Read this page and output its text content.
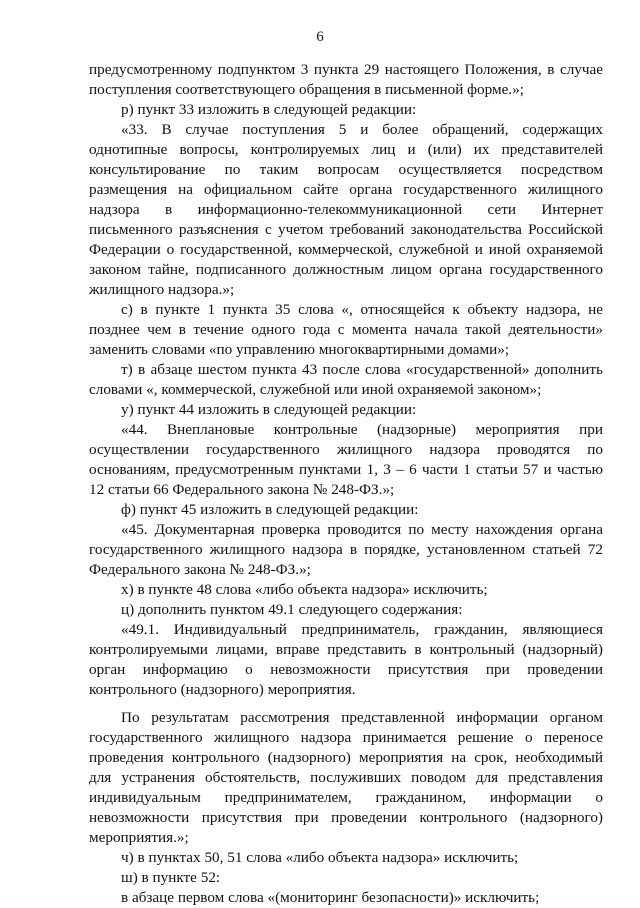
6

предусмотренному подпунктом 3 пункта 29 настоящего Положения, в случае поступления соответствующего обращения в письменной форме.»;

р) пункт 33 изложить в следующей редакции:

«33. В случае поступления 5 и более обращений, содержащих однотипные вопросы, контролируемых лиц и (или) их представителей консультирование по таким вопросам осуществляется посредством размещения на официальном сайте органа государственного жилищного надзора в информационно-телекоммуникационной сети Интернет письменного разъяснения с учетом требований законодательства Российской Федерации о государственной, коммерческой, служебной и иной охраняемой законом тайне, подписанного должностным лицом органа государственного жилищного надзора.»;

с) в пункте 1 пункта 35 слова «, относящейся к объекту надзора, не позднее чем в течение одного года с момента начала такой деятельности» заменить словами «по управлению многоквартирными домами»;

т) в абзаце шестом пункта 43 после слова «государственной» дополнить словами «, коммерческой, служебной или иной охраняемой законом»;

у) пункт 44 изложить в следующей редакции:

«44. Внеплановые контрольные (надзорные) мероприятия при осуществлении государственного жилищного надзора проводятся по основаниям, предусмотренным пунктами 1, 3 – 6 части 1 статьи 57 и частью 12 статьи 66 Федерального закона № 248-ФЗ.»;

ф) пункт 45 изложить в следующей редакции:

«45. Документарная проверка проводится по месту нахождения органа государственного жилищного надзора в порядке, установленном статьей 72 Федерального закона № 248-ФЗ.»;

х) в пункте 48 слова «либо объекта надзора» исключить;

ц) дополнить пунктом 49.1 следующего содержания:

«49.1. Индивидуальный предприниматель, гражданин, являющиеся контролируемыми лицами, вправе представить в контрольный (надзорный) орган информацию о невозможности присутствия при проведении контрольного (надзорного) мероприятия.

По результатам рассмотрения представленной информации органом государственного жилищного надзора принимается решение о переносе проведения контрольного (надзорного) мероприятия на срок, необходимый для устранения обстоятельств, послуживших поводом для представления индивидуальным предпринимателем, гражданином, информации о невозможности присутствия при проведении контрольного (надзорного) мероприятия.»;

ч) в пунктах 50, 51 слова «либо объекта надзора» исключить;

ш) в пункте 52:

в абзаце первом слова «(мониторинг безопасности)» исключить;
